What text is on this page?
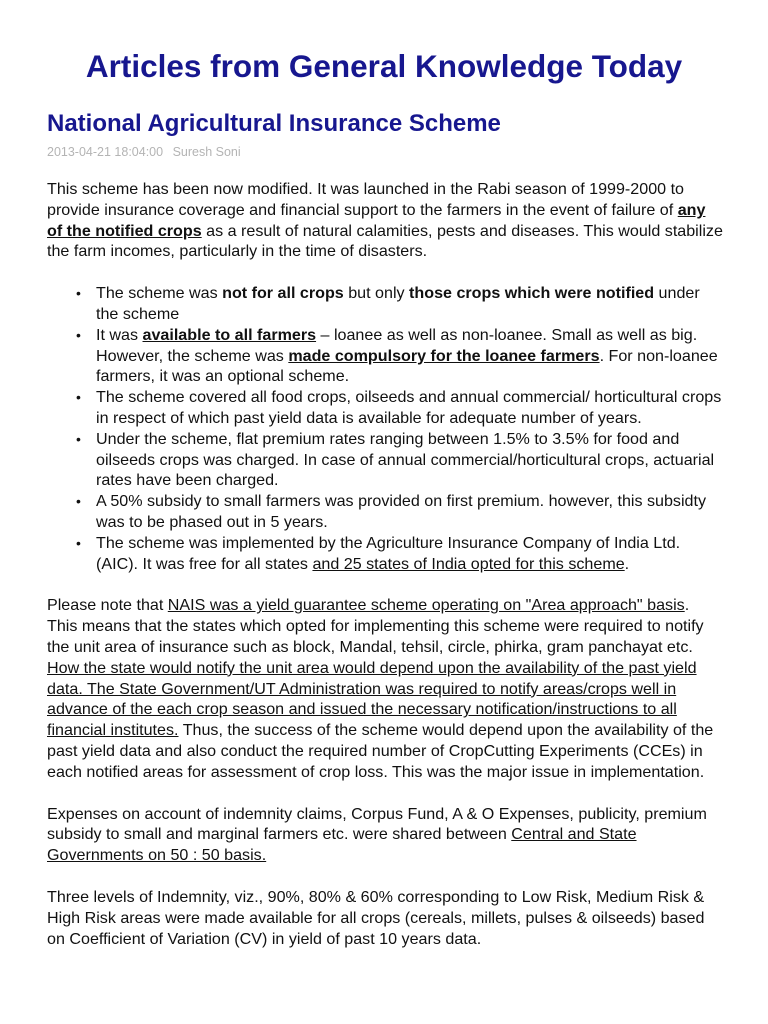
Articles from General Knowledge Today
National Agricultural Insurance Scheme
2013-04-21 18:04:00 Suresh Soni

This scheme has been now modified. It was launched in the Rabi season of 1999-2000 to provide insurance coverage and financial support to the farmers in the event of failure of any of the notified crops as a result of natural calamities, pests and diseases. This would stabilize the farm incomes, particularly in the time of disasters.

• The scheme was not for all crops but only those crops which were notified under the scheme
• It was available to all farmers – loanee as well as non-loanee. Small as well as big. However, the scheme was made compulsory for the loanee farmers. For non-loanee farmers, it was an optional scheme.
• The scheme covered all food crops, oilseeds and annual commercial/ horticultural crops in respect of which past yield data is available for adequate number of years.
• Under the scheme, flat premium rates ranging between 1.5% to 3.5% for food and oilseeds crops was charged. In case of annual commercial/horticultural crops, actuarial rates have been charged.
• A 50% subsidy to small farmers was provided on first premium. however, this subsidty was to be phased out in 5 years.
• The scheme was implemented by the Agriculture Insurance Company of India Ltd. (AIC). It was free for all states and 25 states of India opted for this scheme.

Please note that NAIS was a yield guarantee scheme operating on "Area approach" basis. This means that the states which opted for implementing this scheme were required to notify the unit area of insurance such as block, Mandal, tehsil, circle, phirka, gram panchayat etc. How the state would notify the unit area would depend upon the availability of the past yield data. The State Government/UT Administration was required to notify areas/crops well in advance of the each crop season and issued the necessary notification/instructions to all financial institutes. Thus, the success of the scheme would depend upon the availability of the past yield data and also conduct the required number of CropCutting Experiments (CCEs) in each notified areas for assessment of crop loss. This was the major issue in implementation.

Expenses on account of indemnity claims, Corpus Fund, A & O Expenses, publicity, premium subsidy to small and marginal farmers etc. were shared between Central and State Governments on 50 : 50 basis.

Three levels of Indemnity, viz., 90%, 80% & 60% corresponding to Low Risk, Medium Risk & High Risk areas were made available for all crops (cereals, millets, pulses & oilseeds) based on Coefficient of Variation (CV) in yield of past 10 years data.
